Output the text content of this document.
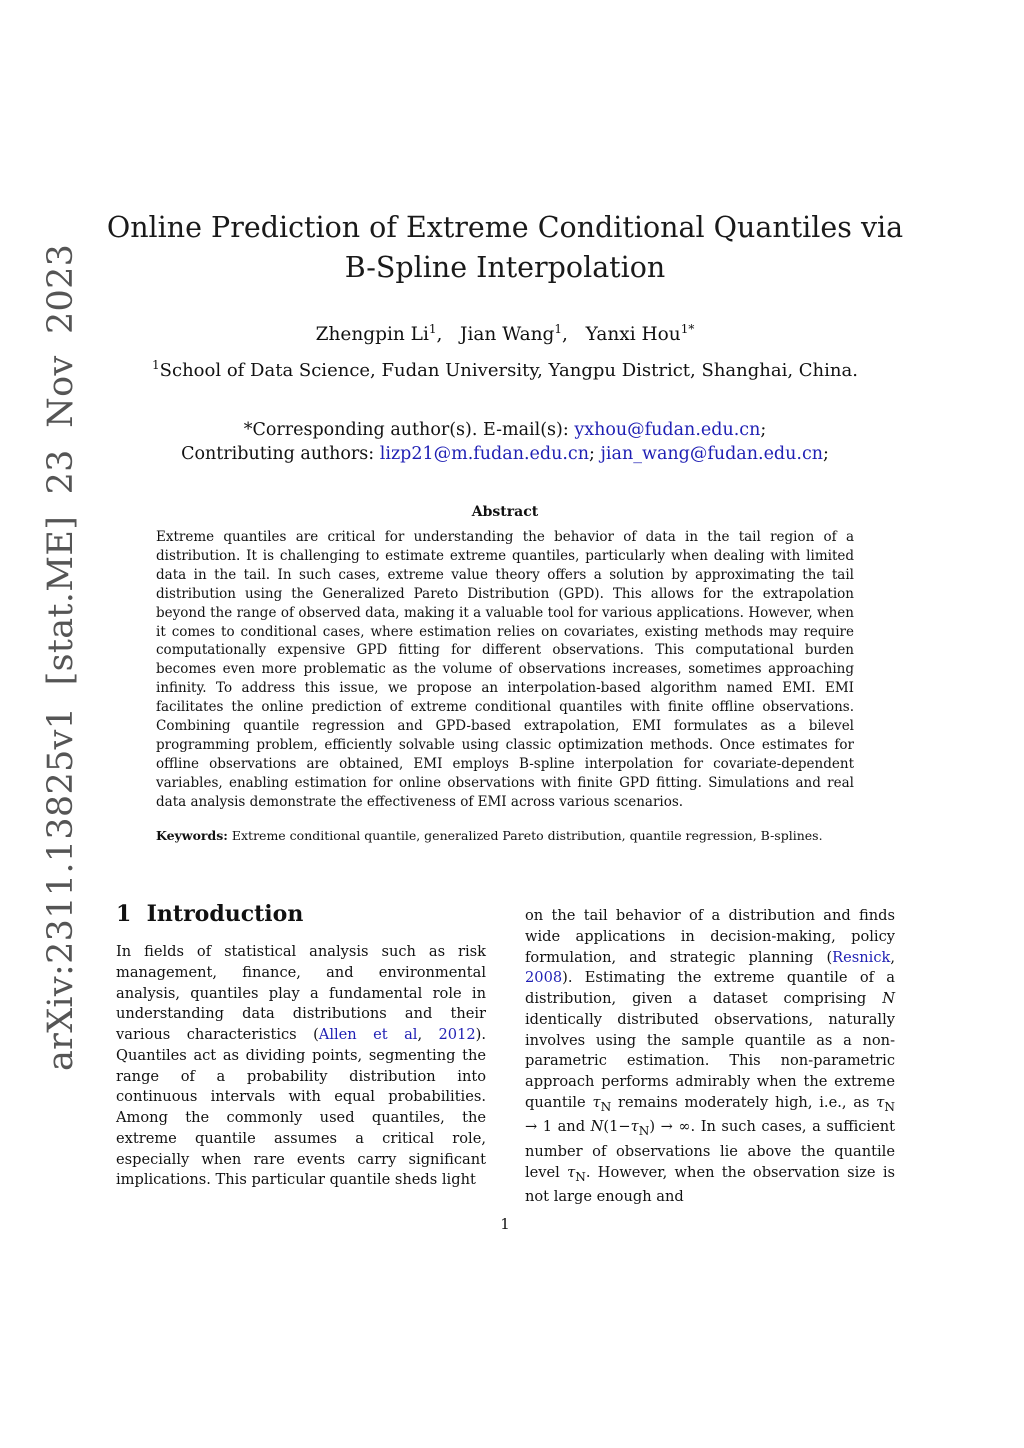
arXiv:2311.13825v1 [stat.ME] 23 Nov 2023
Online Prediction of Extreme Conditional Quantiles via
B-Spline Interpolation
Zhengpin Li$^1$,   Jian Wang$^1$,   Yanxi Hou$^{1*}$
$^1$School of Data Science, Fudan University, Yangpu District, Shanghai, China.
*Corresponding author(s). E-mail(s): yxhou@fudan.edu.cn;
Contributing authors: lizp21@m.fudan.edu.cn; jian_wang@fudan.edu.cn;
Abstract
Extreme quantiles are critical for understanding the behavior of data in the tail region of a distribution. It is challenging to estimate extreme quantiles, particularly when dealing with limited data in the tail. In such cases, extreme value theory offers a solution by approximating the tail distribution using the Generalized Pareto Distribution (GPD). This allows for the extrapolation beyond the range of observed data, making it a valuable tool for various applications. However, when it comes to conditional cases, where estimation relies on covariates, existing methods may require computationally expensive GPD fitting for different observations. This computational burden becomes even more problematic as the volume of observations increases, sometimes approaching infinity. To address this issue, we propose an interpolation-based algorithm named EMI. EMI facilitates the online prediction of extreme conditional quantiles with finite offline observations. Combining quantile regression and GPD-based extrapolation, EMI formulates as a bilevel programming problem, efficiently solvable using classic optimization methods. Once estimates for offline observations are obtained, EMI employs B-spline interpolation for covariate-dependent variables, enabling estimation for online observations with finite GPD fitting. Simulations and real data analysis demonstrate the effectiveness of EMI across various scenarios.
Keywords: Extreme conditional quantile, generalized Pareto distribution, quantile regression, B-splines.
1 Introduction
In fields of statistical analysis such as risk management, finance, and environmental analysis, quantiles play a fundamental role in understanding data distributions and their various characteristics (Allen et al, 2012). Quantiles act as dividing points, segmenting the range of a probability distribution into continuous intervals with equal probabilities. Among the commonly used quantiles, the extreme quantile assumes a critical role, especially when rare events carry significant implications. This particular quantile sheds light
on the tail behavior of a distribution and finds wide applications in decision-making, policy formulation, and strategic planning (Resnick, 2008). Estimating the extreme quantile of a distribution, given a dataset comprising N identically distributed observations, naturally involves using the sample quantile as a non-parametric estimation. This non-parametric approach performs admirably when the extreme quantile $\tau_N$ remains moderately high, i.e., as $\tau_N \to 1$ and $N(1-\tau_N)$ → ∞. In such cases, a sufficient number of observations lie above the quantile level $\tau_N$. However, when the observation size is not large enough and
1
